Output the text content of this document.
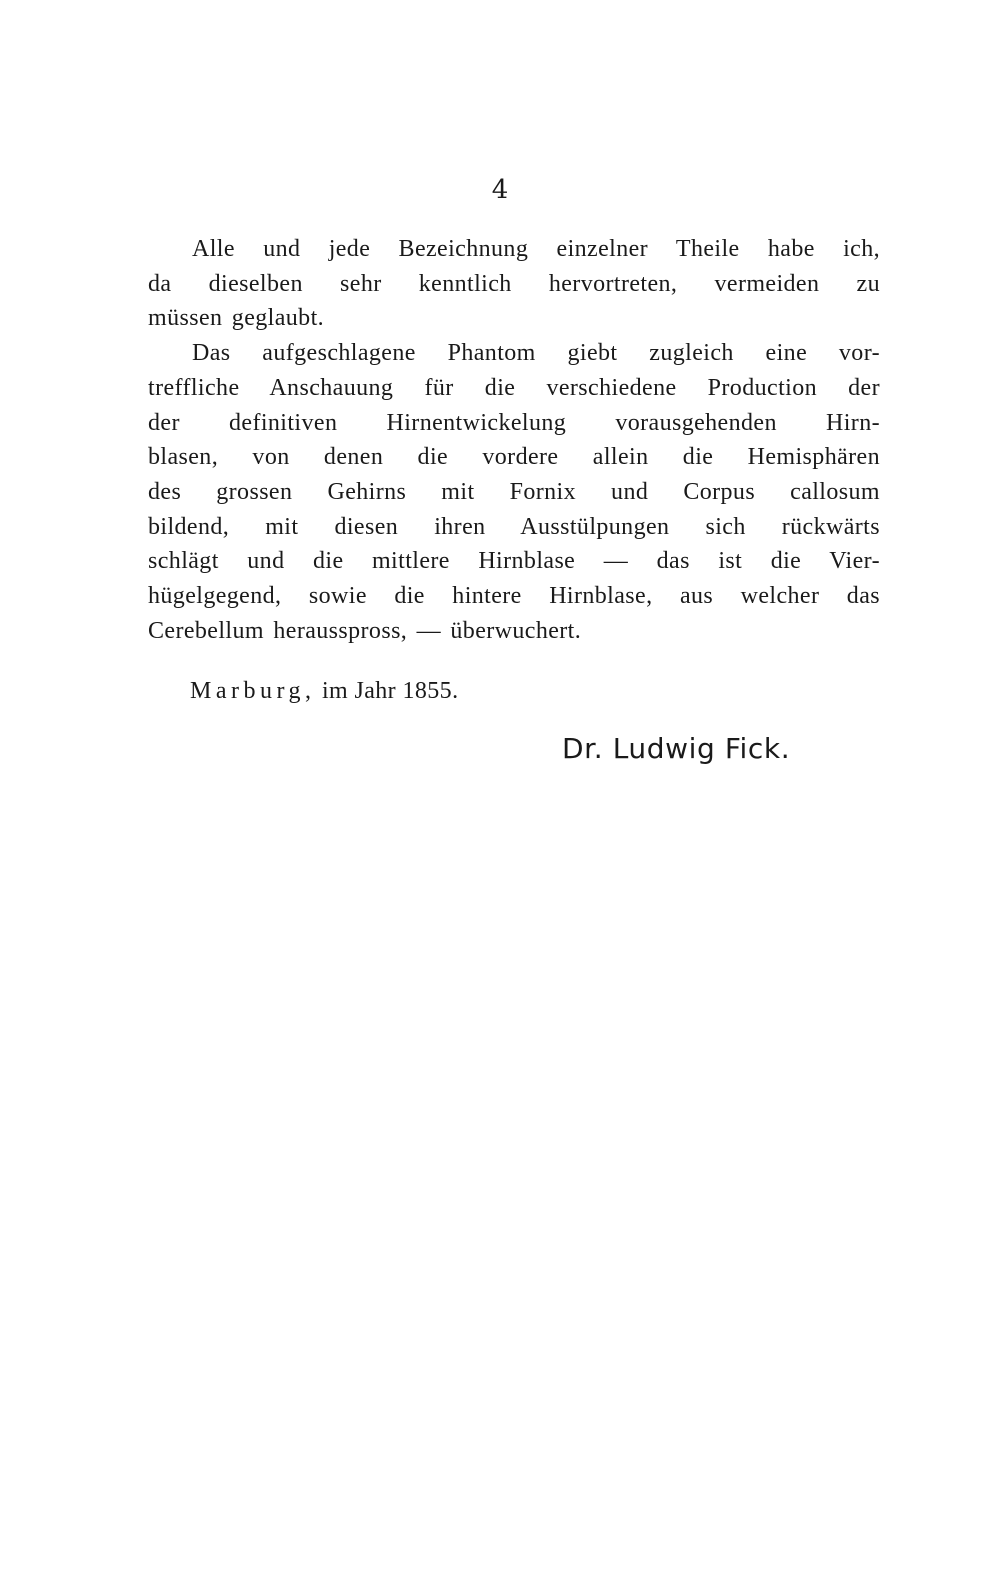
4

Alle und jede Bezeichnung einzelner Theile habe ich,
da dieselben sehr kenntlich hervortreten, vermeiden zu
müssen geglaubt.

Das aufgeschlagene Phantom giebt zugleich eine vor-
treffliche Anschauung für die verschiedene Production der
der definitiven Hirnentwickelung vorausgehenden Hirn-
blasen, von denen die vordere allein die Hemisphären
des grossen Gehirns mit Fornix und Corpus callosum
bildend, mit diesen ihren Ausstülpungen sich rückwärts
schlägt und die mittlere Hirnblase — das ist die Vier-
hügelgegend, sowie die hintere Hirnblase, aus welcher das
Cerebellum herausspross, — überwuchert.

Marburg, im Jahr 1855.
Dr. Ludwig Fick.
